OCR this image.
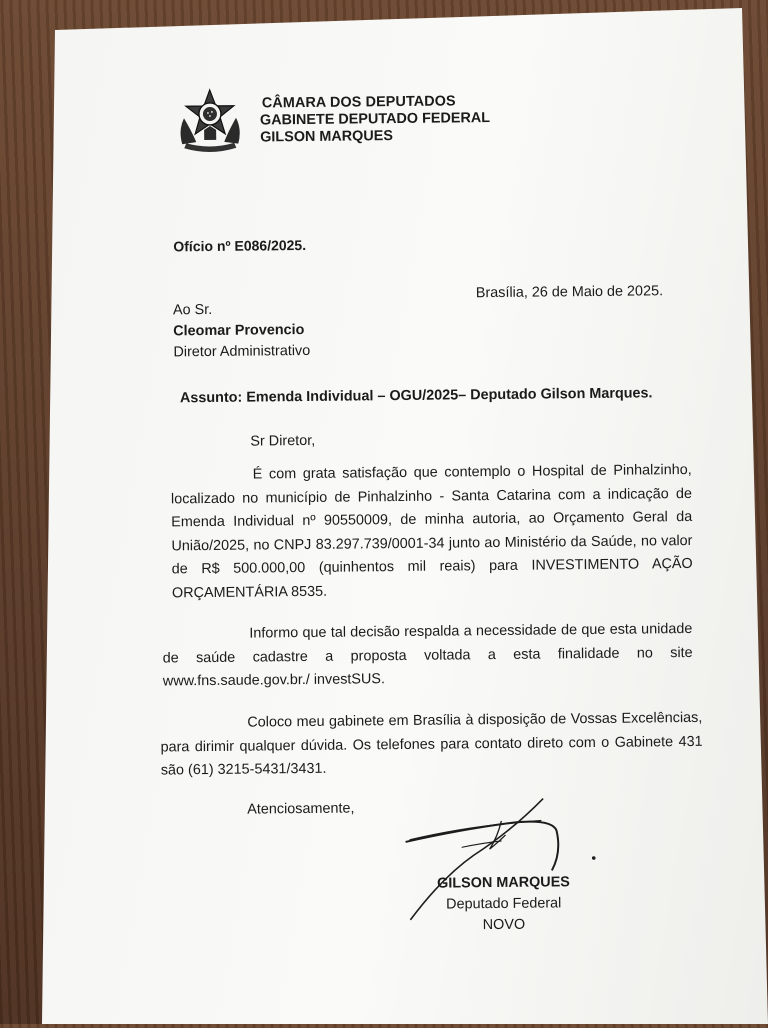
CÂMARA DOS DEPUTADOS
GABINETE DEPUTADO FEDERAL GILSON MARQUES
Ofício nº E086/2025.
Brasília, 26 de Maio de 2025.
Ao Sr.
Cleomar Provencio
Diretor Administrativo
Assunto: Emenda Individual – OGU/2025– Deputado Gilson Marques.
Sr Diretor,
É com grata satisfação que contemplo o Hospital de Pinhalzinho, localizado no município de Pinhalzinho - Santa Catarina com a indicação de Emenda Individual nº 90550009, de minha autoria, ao Orçamento Geral da União/2025, no CNPJ 83.297.739/0001-34 junto ao Ministério da Saúde, no valor de R$ 500.000,00 (quinhentos mil reais) para INVESTIMENTO AÇÃO ORÇAMENTÁRIA 8535.
Informo que tal decisão respalda a necessidade de que esta unidade de saúde cadastre a proposta voltada a esta finalidade no site www.fns.saude.gov.br./ investSUS.
Coloco meu gabinete em Brasília à disposição de Vossas Excelências, para dirimir qualquer dúvida. Os telefones para contato direto com o Gabinete 431 são (61) 3215-5431/3431.
Atenciosamente,
GILSON MARQUES
Deputado Federal
NOVO
